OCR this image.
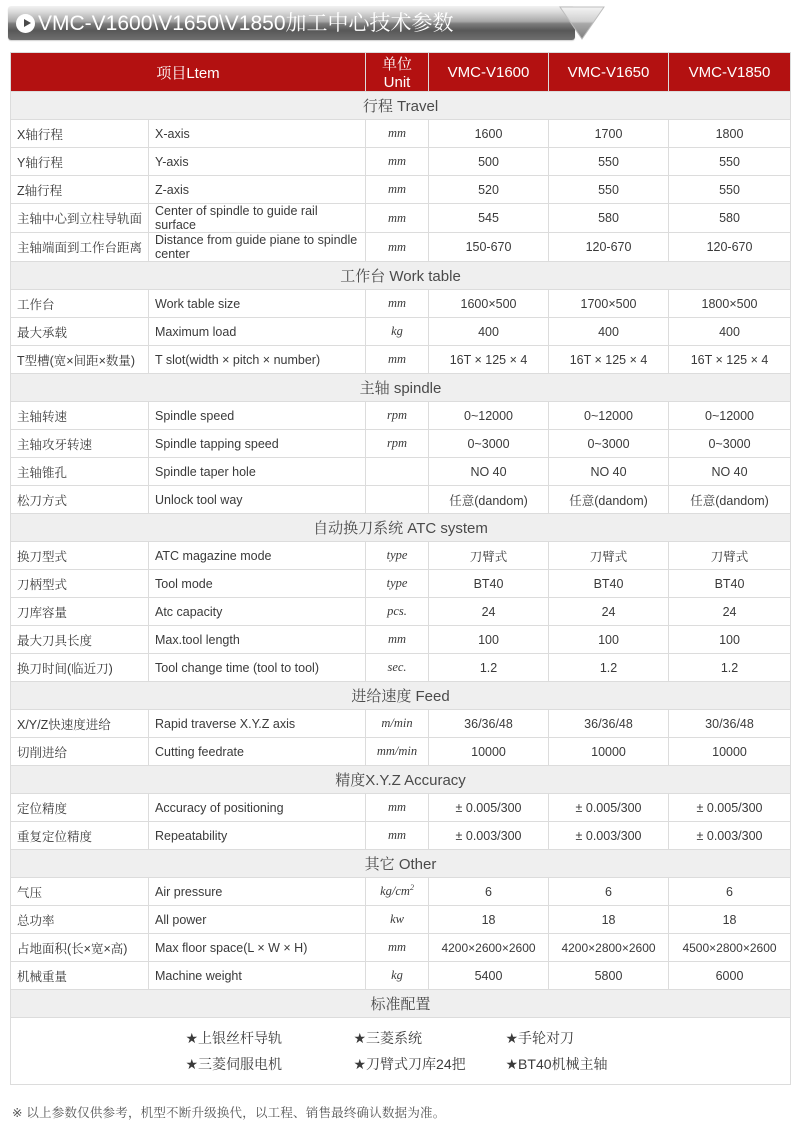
VMC-V1600\V1650\V1850加工中心技术参数
项目Ltem		单位Unit	VMC-V1600	VMC-V1650	VMC-V1850
行程 Travel					
X轴行程	X-axis	mm	1600	1700	1800
Y轴行程	Y-axis	mm	500	550	550
Z轴行程	Z-axis	mm	520	550	550
主轴中心到立柱导轨面	Center of spindle to guide rail surface	mm	545	580	580
主轴端面到工作台距离	Distance from guide piane to spindle center	mm	150-670	120-670	120-670
工作台 Work table					
工作台	Work table size	mm	1600×500	1700×500	1800×500
最大承载	Maximum load	kg	400	400	400
T型槽(宽×间距×数量)	T slot(width × pitch × number)	mm	16T × 125 × 4	16T × 125 × 4	16T × 125 × 4
主轴 spindle					
主轴转速	Spindle speed	rpm	0~12000	0~12000	0~12000
主轴攻牙转速	Spindle tapping speed	rpm	0~3000	0~3000	0~3000
主轴锥孔	Spindle taper hole		NO 40	NO 40	NO 40
松刀方式	Unlock tool way		任意(dandom)	任意(dandom)	任意(dandom)
自动换刀系统 ATC system					
换刀型式	ATC magazine mode	type	刀臂式	刀臂式	刀臂式
刀柄型式	Tool mode	type	BT40	BT40	BT40
刀库容量	Atc capacity	pcs.	24	24	24
最大刀具长度	Max.tool length	mm	100	100	100
换刀时间(临近刀)	Tool change time (tool to tool)	sec.	1.2	1.2	1.2
进给速度 Feed					
X/Y/Z快速度进给	Rapid traverse X.Y.Z axis	m/min	36/36/48	36/36/48	30/36/48
切削进给	Cutting feedrate	mm/min	10000	10000	10000
精度X.Y.Z Accuracy					
定位精度	Accuracy of positioning	mm	± 0.005/300	± 0.005/300	± 0.005/300
重复定位精度	Repeatability	mm	± 0.003/300	± 0.003/300	± 0.003/300
其它 Other					
气压	Air pressure	$kg/cm^2$	6	6	6
总功率	All power	kw	18	18	18
占地面积(长×宽×高)	Max floor space(L × W × H)	mm	4200×2600×2600	4200×2800×2600	4500×2800×2600
机械重量	Machine weight	kg	5400	5800	6000
标准配置					

★上银丝杆导轨	★三菱系统	★手轮对刀
★三菱伺服电机	★刀臂式刀库24把	★BT40机械主轴
※ 以上参数仅供参考，机型不断升级换代，以工程、销售最终确认数据为准。
